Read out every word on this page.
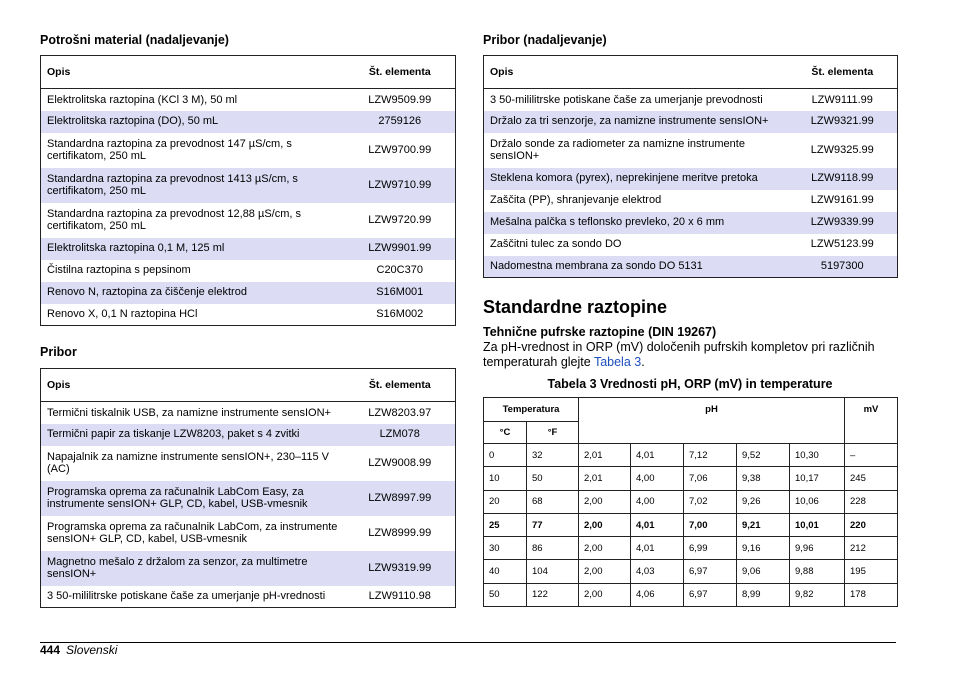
Potrošni material (nadaljevanje)
Opis	Št. elementa
Elektrolitska raztopina (KCl 3 M), 50 ml	LZW9509.99
Elektrolitska raztopina (DO), 50 mL	2759126
Standardna raztopina za prevodnost 147 µS/cm, s certifikatom, 250 mL	LZW9700.99
Standardna raztopina za prevodnost 1413 µS/cm, s certifikatom, 250 mL	LZW9710.99
Standardna raztopina za prevodnost 12,88 µS/cm, s certifikatom, 250 mL	LZW9720.99
Elektrolitska raztopina 0,1 M, 125 ml	LZW9901.99
Čistilna raztopina s pepsinom	C20C370
Renovo N, raztopina za čiščenje elektrod	S16M001
Renovo X, 0,1 N raztopina HCl	S16M002
Pribor
Opis	Št. elementa
Termični tiskalnik USB, za namizne instrumente sensION+	LZW8203.97
Termični papir za tiskanje LZW8203, paket s 4 zvitki	LZM078
Napajalnik za namizne instrumente sensION+, 230–115 V (AC)	LZW9008.99
Programska oprema za računalnik LabCom Easy, za instrumente sensION+ GLP, CD, kabel, USB-vmesnik	LZW8997.99
Programska oprema za računalnik LabCom, za instrumente sensION+ GLP, CD, kabel, USB-vmesnik	LZW8999.99
Magnetno mešalo z držalom za senzor, za multimetre sensION+	LZW9319.99
3 50-mililitrske potiskane čaše za umerjanje pH-vrednosti	LZW9110.98
Pribor (nadaljevanje)
Opis	Št. elementa
3 50-mililitrske potiskane čaše za umerjanje prevodnosti	LZW9111.99
Držalo za tri senzorje, za namizne instrumente sensION+	LZW9321.99
Držalo sonde za radiometer za namizne instrumente sensION+	LZW9325.99
Steklena komora (pyrex), neprekinjene meritve pretoka	LZW9118.99
Zaščita (PP), shranjevanje elektrod	LZW9161.99
Mešalna palčka s teflonsko prevleko, 20 x 6 mm	LZW9339.99
Zaščitni tulec za sondo DO	LZW5123.99
Nadomestna membrana za sondo DO 5131	5197300
Standardne raztopine
Tehnične pufrske raztopine (DIN 19267)
Za pH-vrednost in ORP (mV) določenih pufrskih kompletov pri različnih temperaturah glejte Tabela 3.
Tabela 3 Vrednosti pH, ORP (mV) in temperature
Temperatura		pH					mV
°C	°F						
0	32	2,01	4,01	7,12	9,52	10,30	–
10	50	2,01	4,00	7,06	9,38	10,17	245
20	68	2,00	4,00	7,02	9,26	10,06	228
25	77	2,00	4,01	7,00	9,21	10,01	220
30	86	2,00	4,01	6,99	9,16	9,96	212
40	104	2,00	4,03	6,97	9,06	9,88	195
50	122	2,00	4,06	6,97	8,99	9,82	178
444 Slovenski
